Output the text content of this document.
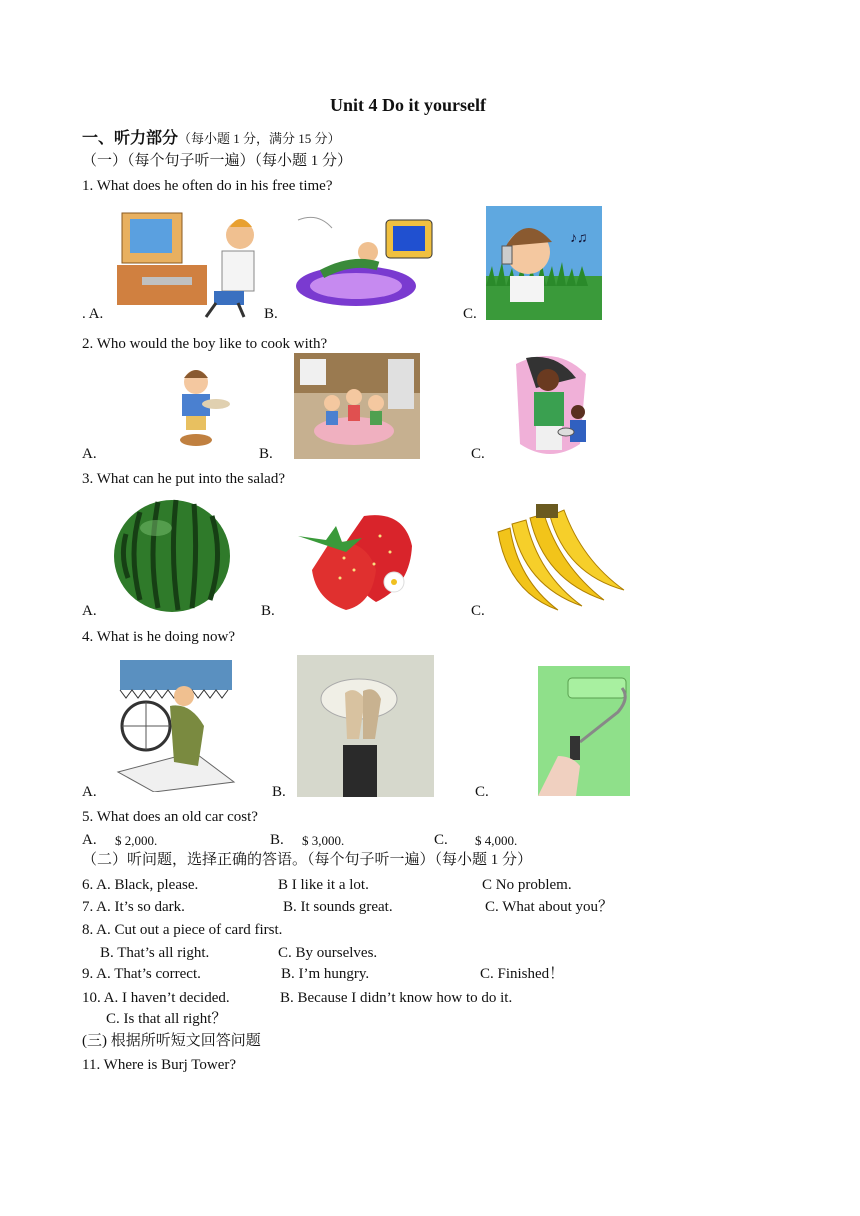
Unit 4 Do it yourself
一、听力部分（每小题 1 分，满分 15 分）
（一）（每个句子听一遍）（每小题 1 分）
1. What does he often do in his free time?
. A.	B.
♪♫
C.
2. Who would the boy like to cook with?
A.	B.	C.
3. What can he put into the salad?
A.	B.	C.
4. What is he doing now?
A.	B.	C.
5. What does an old car cost?
A. $ 2,000.	B. $ 3,000.	C. $ 4,000.
（二）听问题，选择正确的答语。（每个句子听一遍）（每小题 1 分）
6. A. Black, please.	B I like it a lot.	C No problem.
7. A. It’s so dark.	B. It sounds great.	C. What about you？
8. A. Cut out a piece of card first.
B. That’s all right.	C. By ourselves.
9. A. That’s correct.	B. I’m hungry.	C. Finished！
10. A. I haven’t decided.	B. Because I didn’t know how to do it.
C. Is that all right？
(三) 根据所听短文回答问题
11. Where is Burj Tower?
